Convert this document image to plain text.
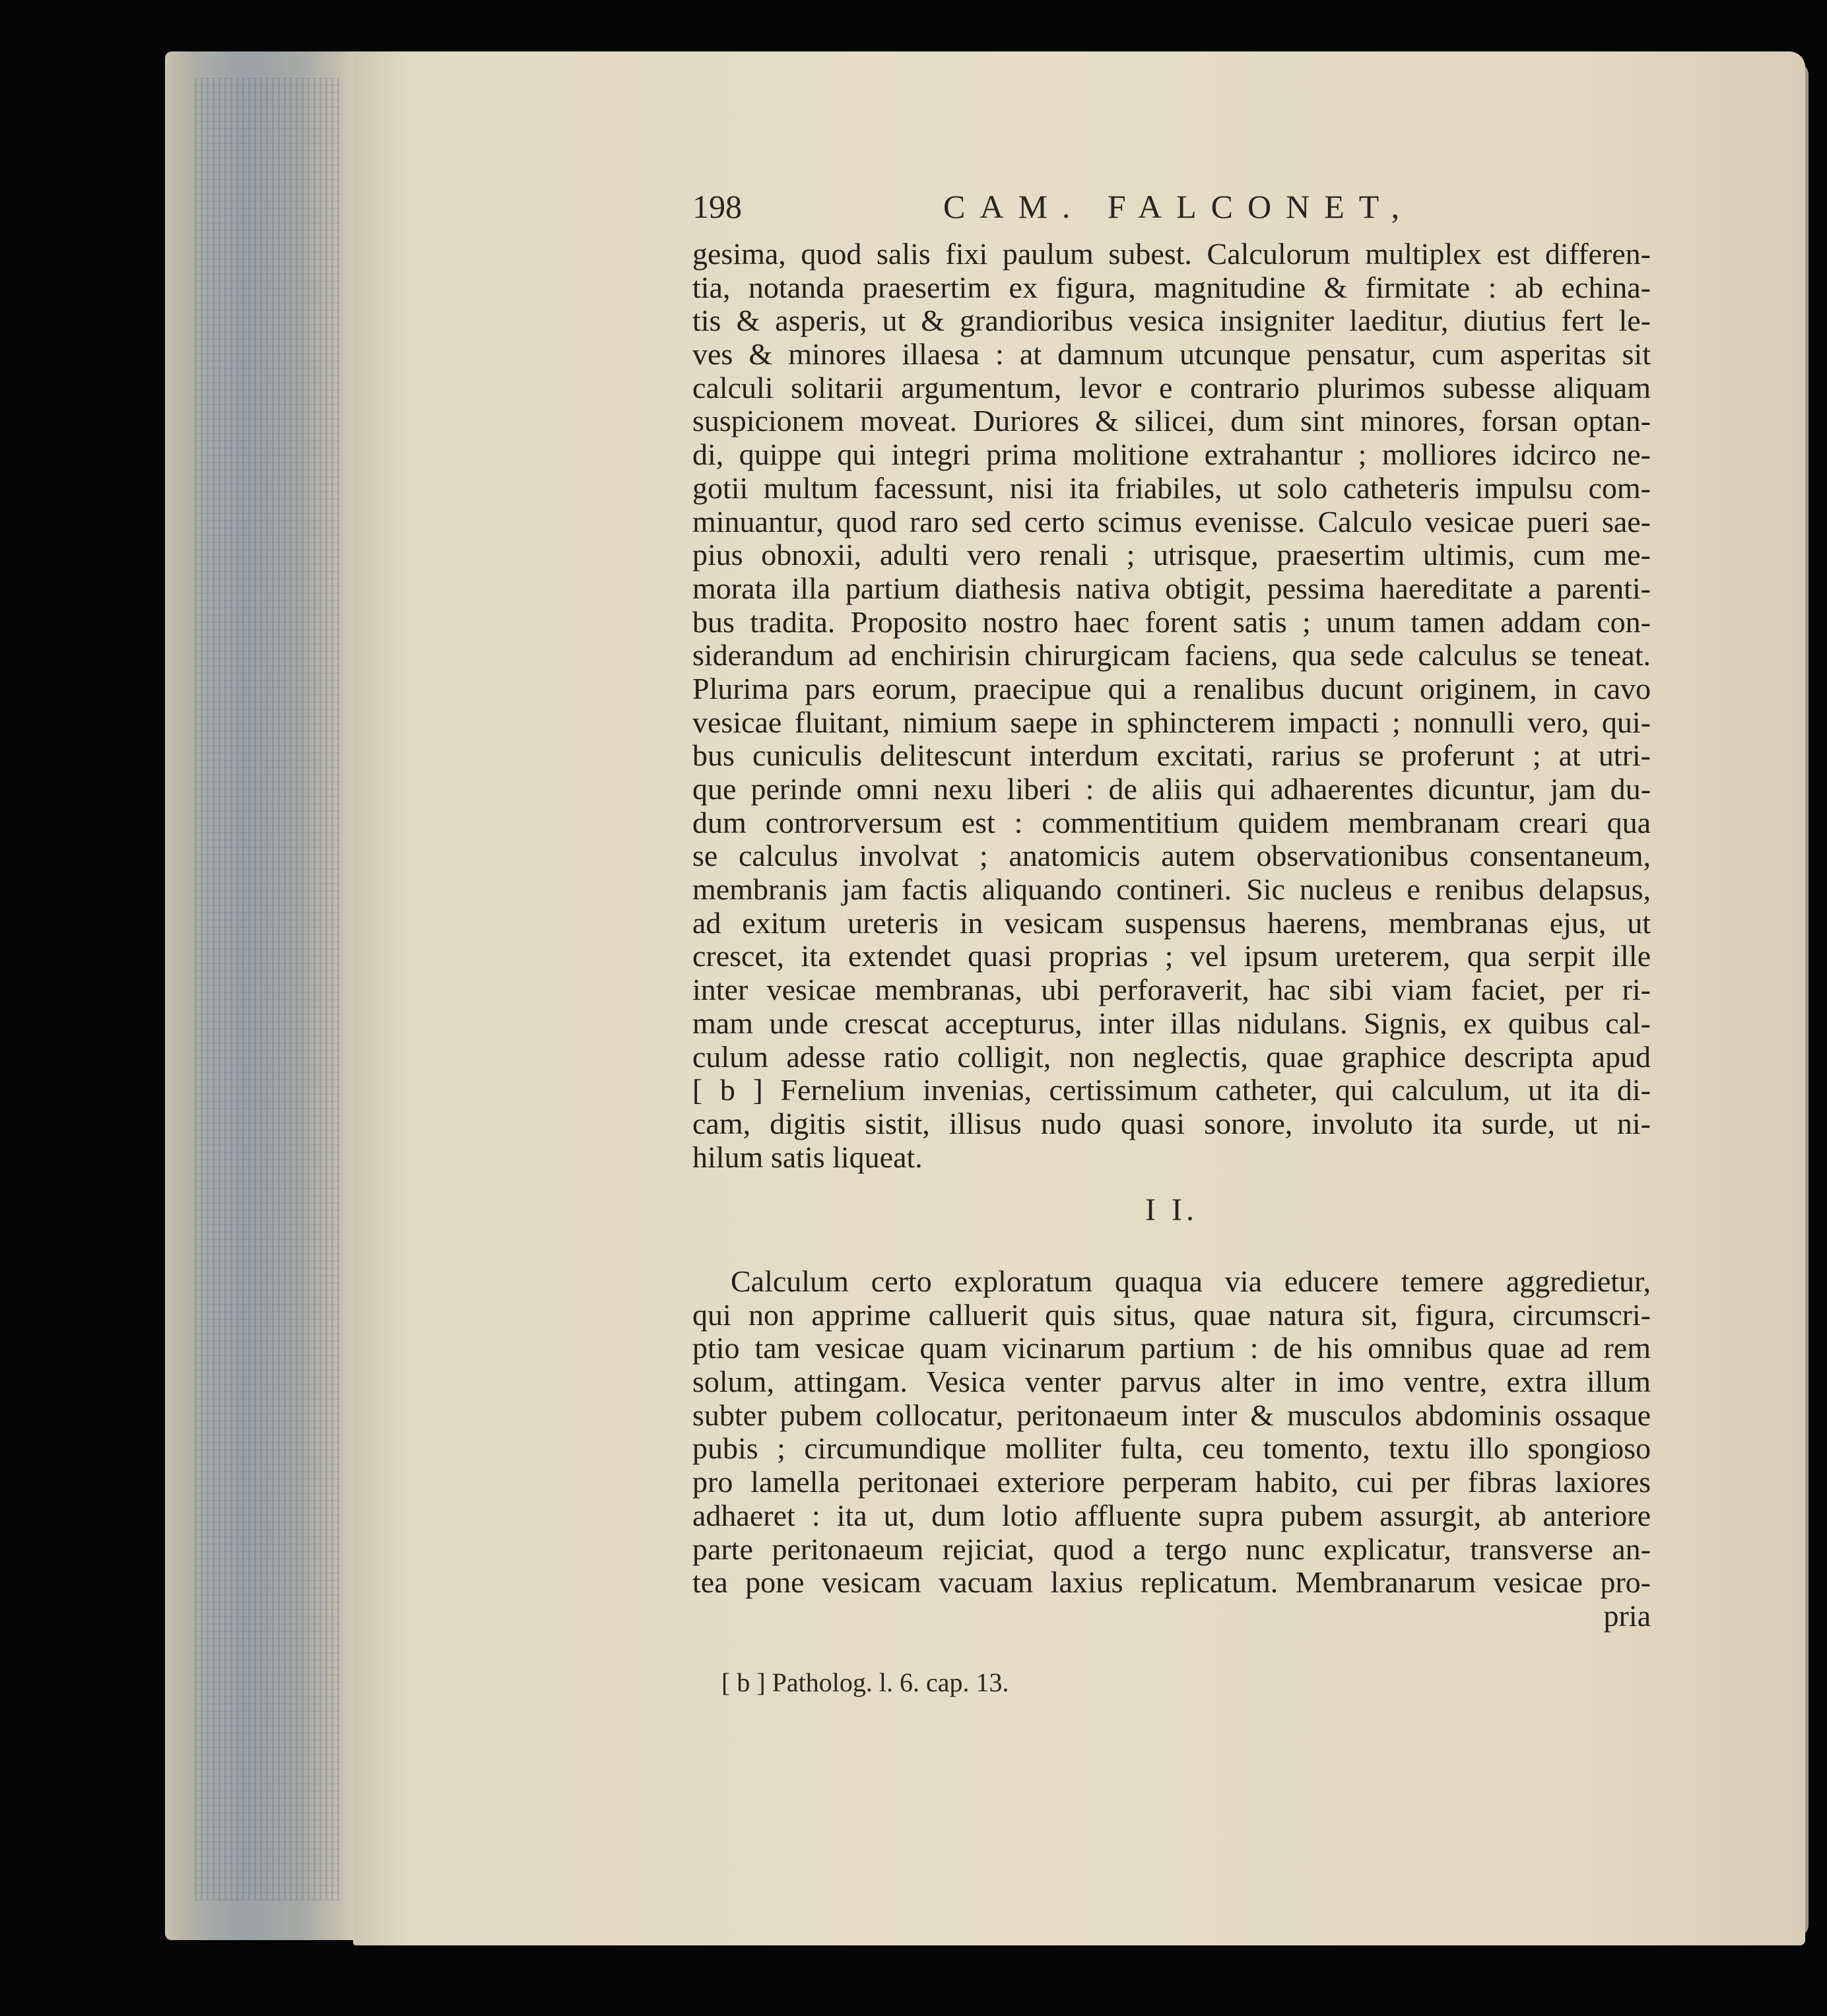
198	CAM. FALCONET,
gesima, quod salis fixi paulum subest. Calculorum multiplex est differen-
tia, notanda praesertim ex figura, magnitudine & firmitate : ab echina-
tis & asperis, ut & grandioribus vesica insigniter laeditur, diutius fert le-
ves & minores illaesa : at damnum utcunque pensatur, cum asperitas sit
calculi solitarii argumentum, levor e contrario plurimos subesse aliquam
suspicionem moveat. Duriores & silicei, dum sint minores, forsan optan-
di, quippe qui integri prima molitione extrahantur ; molliores idcirco ne-
gotii multum facessunt, nisi ita friabiles, ut solo catheteris impulsu com-
minuantur, quod raro sed certo scimus evenisse. Calculo vesicae pueri sae-
pius obnoxii, adulti vero renali ; utrisque, praesertim ultimis, cum me-
morata illa partium diathesis nativa obtigit, pessima haereditate a parenti-
bus tradita. Proposito nostro haec forent satis ; unum tamen addam con-
siderandum ad enchirisin chirurgicam faciens, qua sede calculus se teneat.
Plurima pars eorum, praecipue qui a renalibus ducunt originem, in cavo
vesicae fluitant, nimium saepe in sphincterem impacti ; nonnulli vero, qui-
bus cuniculis delitescunt interdum excitati, rarius se proferunt ; at utri-
que perinde omni nexu liberi : de aliis qui adhaerentes dicuntur, jam du-
dum controrversum est : commentitium quidem membranam creari qua
se calculus involvat ; anatomicis autem observationibus consentaneum,
membranis jam factis aliquando contineri. Sic nucleus e renibus delapsus,
ad exitum ureteris in vesicam suspensus haerens, membranas ejus, ut
crescet, ita extendet quasi proprias ; vel ipsum ureterem, qua serpit ille
inter vesicae membranas, ubi perforaverit, hac sibi viam faciet, per ri-
mam unde crescat accepturus, inter illas nidulans. Signis, ex quibus cal-
culum adesse ratio colligit, non neglectis, quae graphice descripta apud
[ b ] Fernelium invenias, certissimum catheter, qui calculum, ut ita di-
cam, digitis sistit, illisus nudo quasi sonore, involuto ita surde, ut ni-
hilum satis liqueat.
I I.
Calculum certo exploratum quaqua via educere temere aggredietur,
qui non apprime calluerit quis situs, quae natura sit, figura, circumscri-
ptio tam vesicae quam vicinarum partium : de his omnibus quae ad rem
solum, attingam. Vesica venter parvus alter in imo ventre, extra illum
subter pubem collocatur, peritonaeum inter & musculos abdominis ossaque
pubis ; circumundique molliter fulta, ceu tomento, textu illo spongioso
pro lamella peritonaei exteriore perperam habito, cui per fibras laxiores
adhaeret : ita ut, dum lotio affluente supra pubem assurgit, ab anteriore
parte peritonaeum rejiciat, quod a tergo nunc explicatur, transverse an-
tea pone vesicam vacuam laxius replicatum. Membranarum vesicae pro-
pria
[ b ] Patholog. l. 6. cap. 13.
